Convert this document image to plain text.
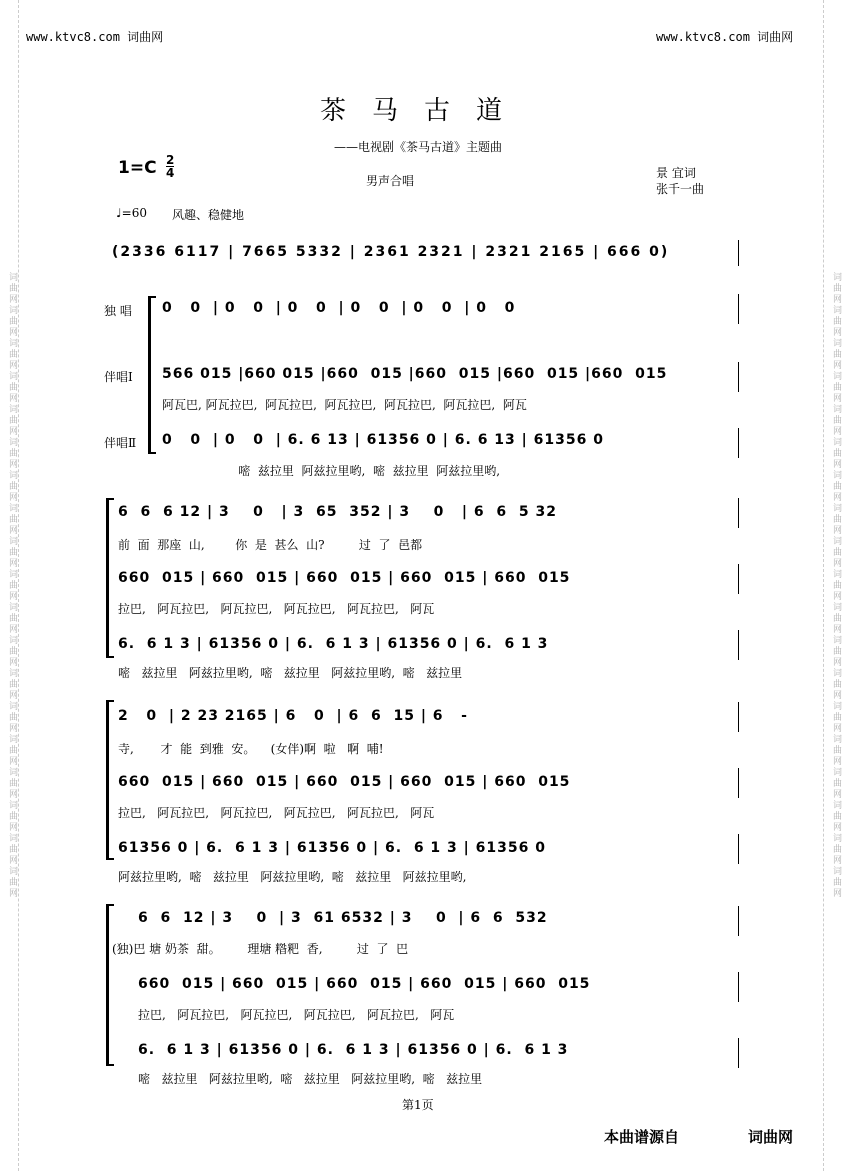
词曲网词曲网词曲网词曲网词曲网词曲网词曲网词曲网词曲网词曲网词曲网词曲网词曲网词曲网词曲网词曲网词曲网词曲网词曲网	词曲网词曲网词曲网词曲网词曲网词曲网词曲网词曲网词曲网词曲网词曲网词曲网词曲网词曲网词曲网词曲网词曲网词曲网词曲网
www.ktvc8.com 词曲网	www.ktvc8.com 词曲网
茶马古道
——电视剧《茶马古道》主题曲
1=C 2
4
男声合唱
景 宜词
张千一曲
♩=60 风趣、稳健地
(2336 6117 | 7665 5332 | 2361 2321 | 2321 2165 | 666 0)
独 唱
伴唱Ⅰ
伴唱Ⅱ
0   0  | 0   0  | 0   0  | 0   0  | 0   0  | 0   0
566 015 |660 015 |660  015 |660  015 |660  015 |660  015
阿瓦巴, 阿瓦拉巴,  阿瓦拉巴,  阿瓦拉巴,  阿瓦拉巴,  阿瓦拉巴,  阿瓦
0   0  | 0   0  | 6. 6 13 | 61356 0 | 6. 6 13 | 61356 0
嘧  兹拉里  阿兹拉里哟,  嘧  兹拉里  阿兹拉里哟,
6  6  6 12 | 3    0   | 3  65  352 | 3    0   | 6  6  5 32
前  面  那座  山,        你  是  甚么  山?         过  了  邑都
660  015 | 660  015 | 660  015 | 660  015 | 660  015
拉巴,   阿瓦拉巴,   阿瓦拉巴,   阿瓦拉巴,   阿瓦拉巴,   阿瓦
6.  6 1 3 | 61356 0 | 6.  6 1 3 | 61356 0 | 6.  6 1 3
嘧   兹拉里   阿兹拉里哟,  嘧   兹拉里   阿兹拉里哟,  嘧   兹拉里
2   0  | 2 23 2165 | 6   0  | 6  6  15 | 6   -
寺,       才  能  到雅  安。    (女伴)啊  啦   啊  哺!
660  015 | 660  015 | 660  015 | 660  015 | 660  015
拉巴,   阿瓦拉巴,   阿瓦拉巴,   阿瓦拉巴,   阿瓦拉巴,   阿瓦
61356 0 | 6.  6 1 3 | 61356 0 | 6.  6 1 3 | 61356 0
阿兹拉里哟,  嘧   兹拉里   阿兹拉里哟,  嘧   兹拉里   阿兹拉里哟,
6  6  12 | 3    0  | 3  61 6532 | 3    0  | 6  6  532
(独)巴 塘 奶茶  甜。       理塘 糌粑  香,         过  了  巴
660  015 | 660  015 | 660  015 | 660  015 | 660  015
拉巴,   阿瓦拉巴,   阿瓦拉巴,   阿瓦拉巴,   阿瓦拉巴,   阿瓦
6.  6 1 3 | 61356 0 | 6.  6 1 3 | 61356 0 | 6.  6 1 3
嘧   兹拉里   阿兹拉里哟,  嘧   兹拉里   阿兹拉里哟,  嘧   兹拉里
第1页
本曲谱源自	词曲网
